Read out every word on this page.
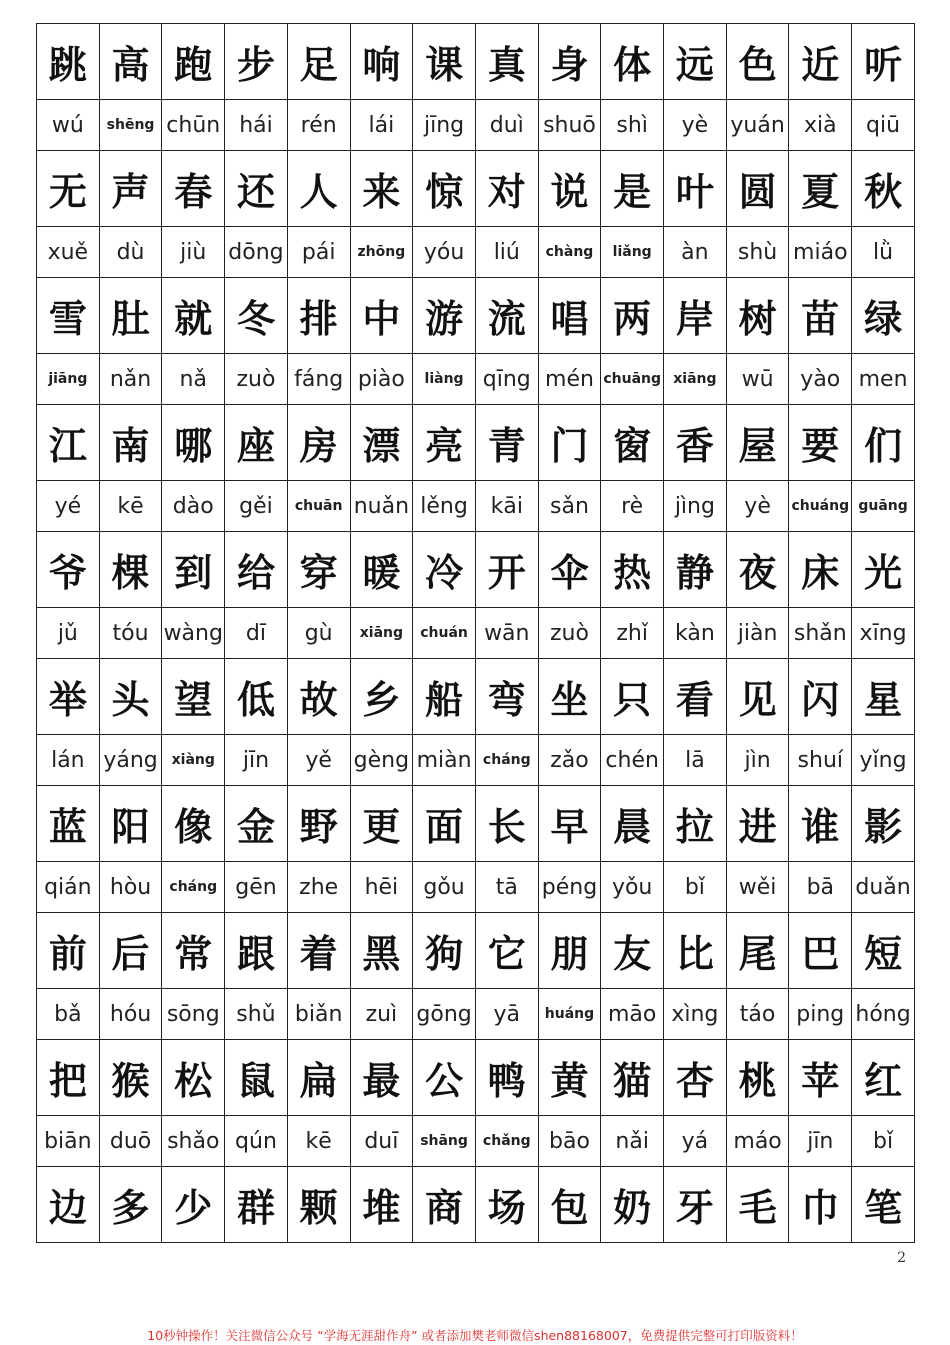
跳	高	跑	步	足	响	课	真	身	体	远	色	近	听
wú	shēng	chūn	hái	rén	lái	jīng	duì	shuō	shì	yè	yuán	xià	qiū
无	声	春	还	人	来	惊	对	说	是	叶	圆	夏	秋
xuě	dù	jiù	dōng	pái	zhōng	yóu	liú	chàng	liǎng	àn	shù	miáo	lǜ
雪	肚	就	冬	排	中	游	流	唱	两	岸	树	苗	绿
jiāng	nǎn	nǎ	zuò	fáng	piào	liàng	qīng	mén	chuāng	xiāng	wū	yào	men
江	南	哪	座	房	漂	亮	青	门	窗	香	屋	要	们
yé	kē	dào	gěi	chuān	nuǎn	lěng	kāi	sǎn	rè	jìng	yè	chuáng	guāng
爷	棵	到	给	穿	暖	冷	开	伞	热	静	夜	床	光
jǔ	tóu	wàng	dī	gù	xiāng	chuán	wān	zuò	zhǐ	kàn	jiàn	shǎn	xīng
举	头	望	低	故	乡	船	弯	坐	只	看	见	闪	星
lán	yáng	xiàng	jīn	yě	gèng	miàn	cháng	zǎo	chén	lā	jìn	shuí	yǐng
蓝	阳	像	金	野	更	面	长	早	晨	拉	进	谁	影
qián	hòu	cháng	gēn	zhe	hēi	gǒu	tā	péng	yǒu	bǐ	wěi	bā	duǎn
前	后	常	跟	着	黑	狗	它	朋	友	比	尾	巴	短
bǎ	hóu	sōng	shǔ	biǎn	zuì	gōng	yā	huáng	māo	xìng	táo	ping	hóng
把	猴	松	鼠	扁	最	公	鸭	黄	猫	杏	桃	苹	红
biān	duō	shǎo	qún	kē	duī	shāng	chǎng	bāo	nǎi	yá	máo	jīn	bǐ
边	多	少	群	颗	堆	商	场	包	奶	牙	毛	巾	笔
2
10秒钟操作！关注微信公众号 “学海无涯甜作舟” 或者添加樊老师微信shen88168007，免费提供完整可打印版资料！
